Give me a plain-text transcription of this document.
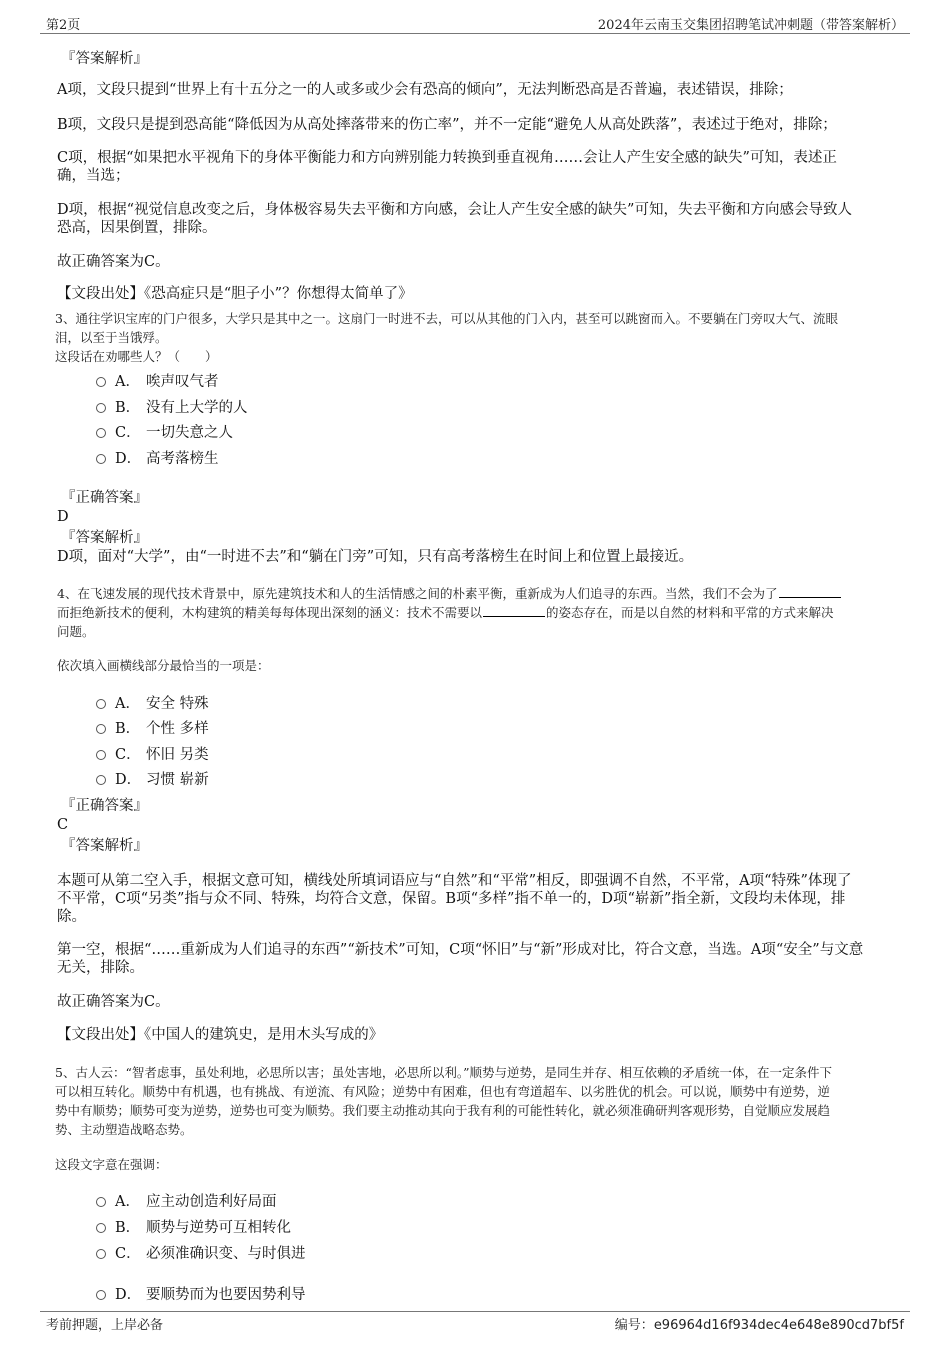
第2页	2024年云南玉交集团招聘笔试冲刺题（带答案解析）
『答案解析』
A项，文段只提到“世界上有十五分之一的人或多或少会有恐高的倾向”，无法判断恐高是否普遍，表述错误，排除；
B项，文段只是提到恐高能“降低因为从高处摔落带来的伤亡率”，并不一定能“避免人从高处跌落”，表述过于绝对，排除；
C项，根据“如果把水平视角下的身体平衡能力和方向辨别能力转换到垂直视角……会让人产生安全感的缺失”可知，表述正
确，当选；
D项，根据“视觉信息改变之后，身体极容易失去平衡和方向感，会让人产生安全感的缺失”可知，失去平衡和方向感会导致人
恐高，因果倒置，排除。
故正确答案为C。
【文段出处】《恐高症只是“胆子小”？你想得太简单了》
3、通往学识宝库的门户很多，大学只是其中之一。这扇门一时进不去，可以从其他的门入内，甚至可以跳窗而入。不要躺在门旁叹大气、流眼
泪，以至于当饿殍。
这段话在劝哪些人？（　　）
A． 唉声叹气者
B． 没有上大学的人
C． 一切失意之人
D． 高考落榜生
『正确答案』
D
『答案解析』
D项，面对“大学”，由“一时进不去”和“躺在门旁”可知，只有高考落榜生在时间上和位置上最接近。
4、在飞速发展的现代技术背景中，原先建筑技术和人的生活情感之间的朴素平衡，重新成为人们追寻的东西。当然，我们不会为了
而拒绝新技术的便利，木构建筑的精美每每体现出深刻的涵义：技术不需要以	的姿态存在，而是以自然的材料和平常的方式来解决
问题。
依次填入画横线部分最恰当的一项是：
A． 安全 特殊
B． 个性 多样
C． 怀旧 另类
D． 习惯 崭新
『正确答案』
C
『答案解析』
本题可从第二空入手，根据文意可知，横线处所填词语应与“自然”和“平常”相反，即强调不自然，不平常，A项“特殊”体现了
不平常，C项“另类”指与众不同、特殊，均符合文意，保留。B项“多样”指不单一的，D项“崭新”指全新，文段均未体现，排
除。
第一空，根据“……重新成为人们追寻的东西”“新技术”可知，C项“怀旧”与“新”形成对比，符合文意，当选。A项“安全”与文意
无关，排除。
故正确答案为C。
【文段出处】《中国人的建筑史，是用木头写成的》
5、古人云：“智者虑事，虽处利地，必思所以害；虽处害地，必思所以利。”顺势与逆势，是同生并存、相互依赖的矛盾统一体，在一定条件下
可以相互转化。顺势中有机遇，也有挑战、有逆流、有风险；逆势中有困难，但也有弯道超车、以劣胜优的机会。可以说，顺势中有逆势，逆
势中有顺势；顺势可变为逆势，逆势也可变为顺势。我们要主动推动其向于我有利的可能性转化，就必须准确研判客观形势，自觉顺应发展趋
势、主动塑造战略态势。
这段文字意在强调：
A． 应主动创造利好局面
B． 顺势与逆势可互相转化
C． 必须准确识变、与时俱进
D． 要顺势而为也要因势利导
考前押题，上岸必备	编号：e96964d16f934dec4e648e890cd7bf5f
